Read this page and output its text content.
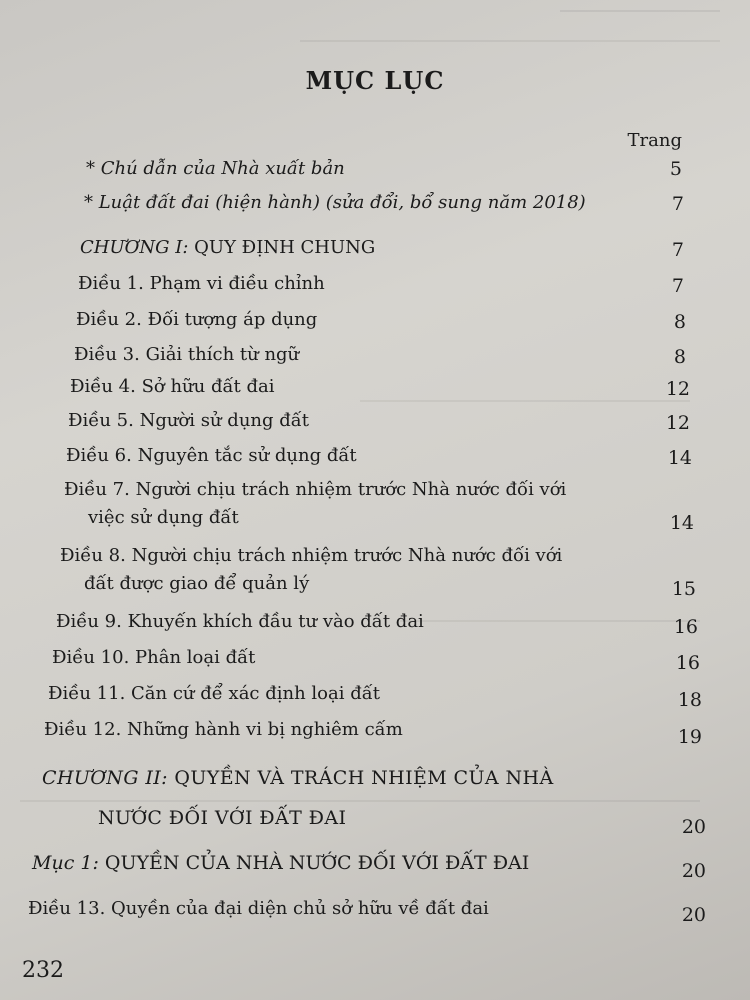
MỤC LỤC
Trang
* Chú dẫn của Nhà xuất bản	5
* Luật đất đai (hiện hành) (sửa đổi, bổ sung năm 2018)	7
CHƯƠNG I: QUY ĐỊNH CHUNG	7
Điều 1. Phạm vi điều chỉnh	7
Điều 2. Đối tượng áp dụng	8
Điều 3. Giải thích từ ngữ	8
Điều 4. Sở hữu đất đai	12
Điều 5. Người sử dụng đất	12
Điều 6. Nguyên tắc sử dụng đất	14
Điều 7. Người chịu trách nhiệm trước Nhà nước đối với
việc sử dụng đất	14
Điều 8. Người chịu trách nhiệm trước Nhà nước đối với
đất được giao để quản lý	15
Điều 9. Khuyến khích đầu tư vào đất đai	16
Điều 10. Phân loại đất	16
Điều 11. Căn cứ để xác định loại đất	18
Điều 12. Những hành vi bị nghiêm cấm	19
CHƯƠNG II: QUYỀN VÀ TRÁCH NHIỆM CỦA NHÀ
NƯỚC ĐỐI VỚI ĐẤT ĐAI	20
Mục 1: QUYỀN CỦA NHÀ NƯỚC ĐỐI VỚI ĐẤT ĐAI	20
Điều 13. Quyền của đại diện chủ sở hữu về đất đai	20
232
